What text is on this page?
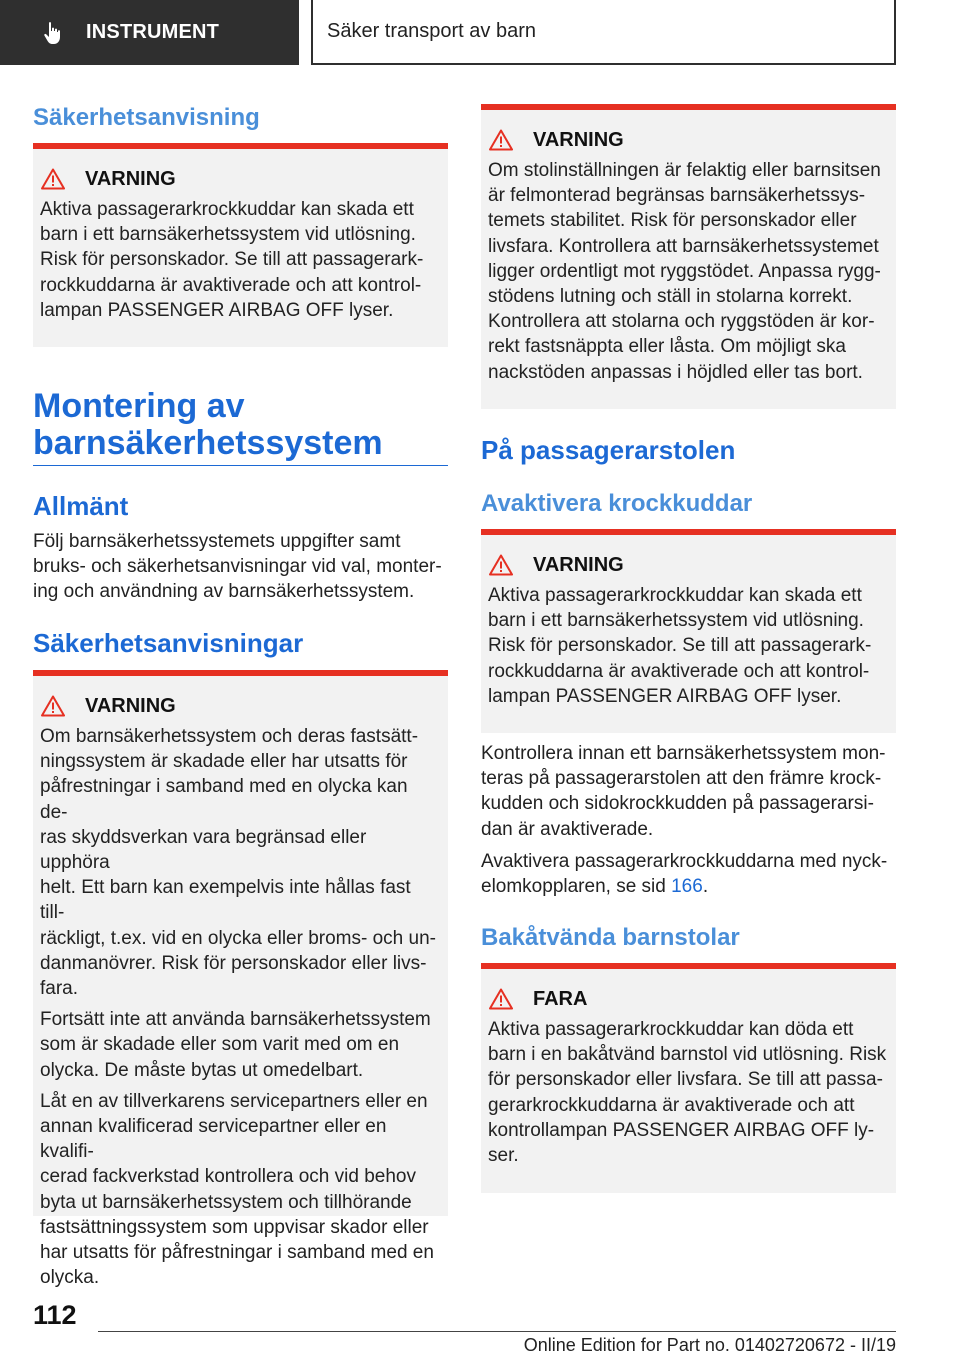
INSTRUMENT	Säker transport av barn
Säkerhetsanvisning
VARNING
Aktiva passagerarkrockkuddar kan skada ett
barn i ett barnsäkerhetssystem vid utlösning.
Risk för personskador. Se till att passagerark-
rockkuddarna är avaktiverade och att kontrol-
lampan PASSENGER AIRBAG OFF lyser.
Montering av
barnsäkerhetssystem
Allmänt
Följ barnsäkerhetssystemets uppgifter samt
bruks- och säkerhetsanvisningar vid val, monter-
ing och användning av barnsäkerhetssystem.
Säkerhetsanvisningar
VARNING

Om barnsäkerhetssystem och deras fastsätt-
ningssystem är skadade eller har utsatts för
påfrestningar i samband med en olycka kan de-
ras skyddsverkan vara begränsad eller upphöra
helt. Ett barn kan exempelvis inte hållas fast till-
räckligt, t.ex. vid en olycka eller broms- och un-
danmanövrer. Risk för personskador eller livs-
fara.

Fortsätt inte att använda barnsäkerhetssystem
som är skadade eller som varit med om en
olycka. De måste bytas ut omedelbart.

Låt en av tillverkarens servicepartners eller en
annan kvalificerad servicepartner eller en kvalifi-
cerad fackverkstad kontrollera och vid behov
byta ut barnsäkerhetssystem och tillhörande
fastsättningssystem som uppvisar skador eller
har utsatts för påfrestningar i samband med en
olycka.

VARNING
Om stolinställningen är felaktig eller barnsitsen
är felmonterad begränsas barnsäkerhetssys-
temets stabilitet. Risk för personskador eller
livsfara. Kontrollera att barnsäkerhetssystemet
ligger ordentligt mot ryggstödet. Anpassa rygg-
stödens lutning och ställ in stolarna korrekt.
Kontrollera att stolarna och ryggstöden är kor-
rekt fastsnäppta eller låsta. Om möjligt ska
nackstöden anpassas i höjdled eller tas bort.
På passagerarstolen
Avaktivera krockkuddar
VARNING
Aktiva passagerarkrockkuddar kan skada ett
barn i ett barnsäkerhetssystem vid utlösning.
Risk för personskador. Se till att passagerark-
rockkuddarna är avaktiverade och att kontrol-
lampan PASSENGER AIRBAG OFF lyser.
Kontrollera innan ett barnsäkerhetssystem mon-
teras på passagerarstolen att den främre krock-
kudden och sidokrockkudden på passagerarsi-
dan är avaktiverade.
Avaktivera passagerarkrockkuddarna med nyck-
elomkopplaren, se sid 166.
Bakåtvända barnstolar
FARA
Aktiva passagerarkrockkuddar kan döda ett
barn i en bakåtvänd barnstol vid utlösning. Risk
för personskador eller livsfara. Se till att passa-
gerarkrockkuddarna är avaktiverade och att
kontrollampan PASSENGER AIRBAG OFF ly-
ser.
112
Online Edition for Part no. 01402720672 - II/19
